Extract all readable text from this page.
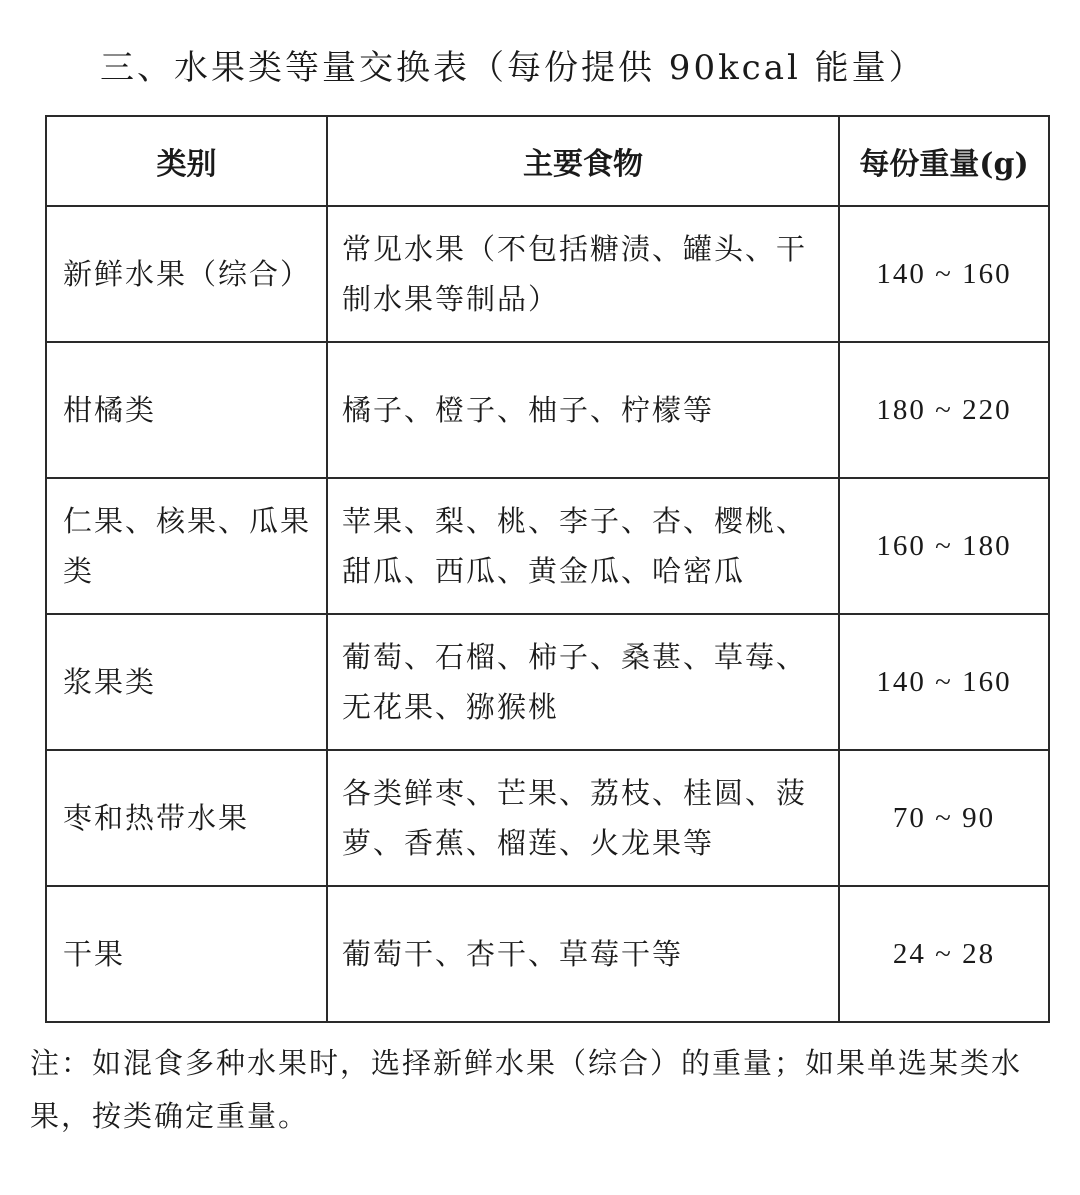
三、水果类等量交换表（每份提供 90kcal 能量）
类别	主要食物	每份重量(g)
新鲜水果（综合）	常见水果（不包括糖渍、罐头、干制水果等制品）	140 ~ 160
柑橘类	橘子、橙子、柚子、柠檬等	180 ~ 220
仁果、核果、瓜果类	苹果、梨、桃、李子、杏、樱桃、甜瓜、西瓜、黄金瓜、哈密瓜	160 ~ 180
浆果类	葡萄、石榴、柿子、桑葚、草莓、无花果、猕猴桃	140 ~ 160
枣和热带水果	各类鲜枣、芒果、荔枝、桂圆、菠萝、香蕉、榴莲、火龙果等	70 ~ 90
干果	葡萄干、杏干、草莓干等	24 ~ 28
注：如混食多种水果时，选择新鲜水果（综合）的重量；如果单选某类水果，按类确定重量。
